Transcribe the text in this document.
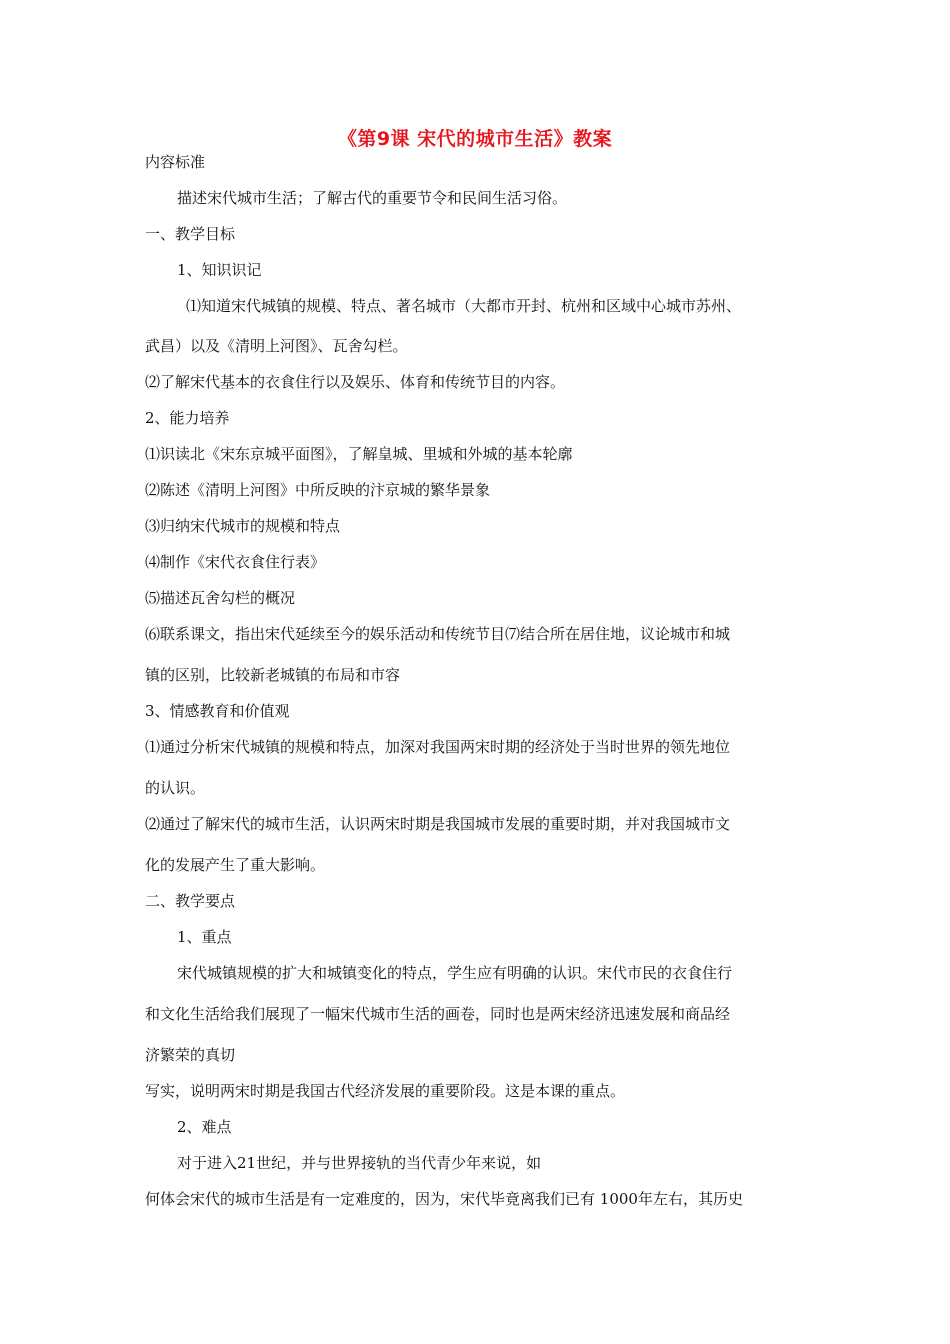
《第9课 宋代的城市生活》教案
内容标准
描述宋代城市生活；了解古代的重要节令和民间生活习俗。
一、教学目标
1、知识识记
⑴知道宋代城镇的规模、特点、著名城市（大都市开封、杭州和区域中心城市苏州、
武昌）以及《清明上河图》、瓦舍勾栏。
⑵了解宋代基本的衣食住行以及娱乐、体育和传统节目的内容。
2、能力培养
⑴识读北《宋东京城平面图》，了解皇城、里城和外城的基本轮廓
⑵陈述《清明上河图》中所反映的汴京城的繁华景象
⑶归纳宋代城市的规模和特点
⑷制作《宋代衣食住行表》
⑸描述瓦舍勾栏的概况
⑹联系课文，指出宋代延续至今的娱乐活动和传统节目⑺结合所在居住地，议论城市和城
镇的区别，比较新老城镇的布局和市容
3、情感教育和价值观
⑴通过分析宋代城镇的规模和特点，加深对我国两宋时期的经济处于当时世界的领先地位
的认识。
⑵通过了解宋代的城市生活，认识两宋时期是我国城市发展的重要时期，并对我国城市文
化的发展产生了重大影响。
二、教学要点
1、重点
宋代城镇规模的扩大和城镇变化的特点，学生应有明确的认识。宋代市民的衣食住行
和文化生活给我们展现了一幅宋代城市生活的画卷，同时也是两宋经济迅速发展和商品经
济繁荣的真切
写实，说明两宋时期是我国古代经济发展的重要阶段。这是本课的重点。
2、难点
对于进入21世纪，并与世界接轨的当代青少年来说，如
何体会宋代的城市生活是有一定难度的，因为，宋代毕竟离我们已有 1000年左右，其历史
